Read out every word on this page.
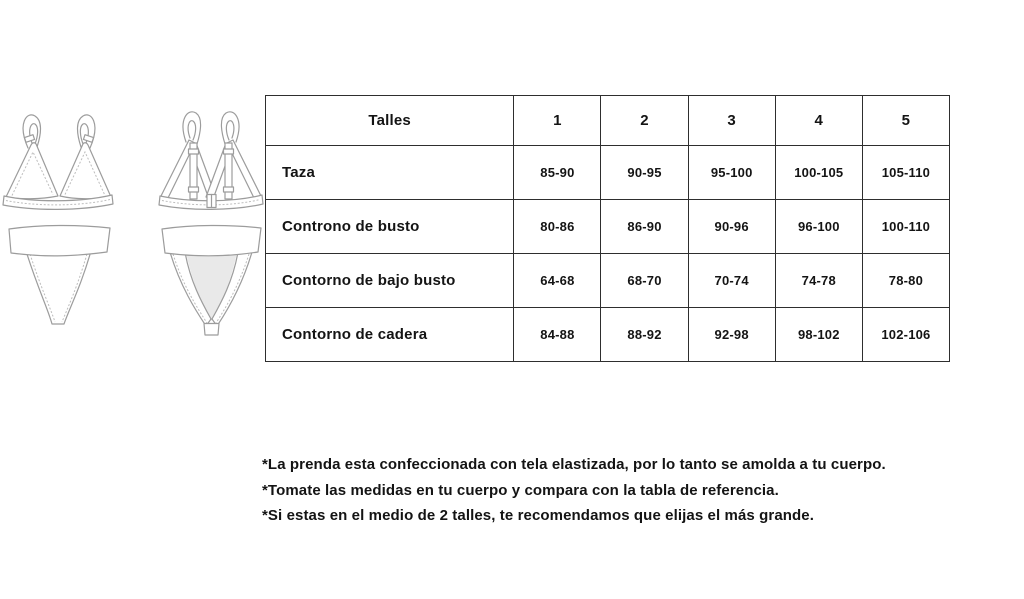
Talles	1	2	3	4	5
Taza	85-90	90-95	95-100	100-105	105-110
Controno de busto	80-86	86-90	90-96	96-100	100-110
Contorno de bajo busto	64-68	68-70	70-74	74-78	78-80
Contorno de cadera	84-88	88-92	92-98	98-102	102-106
*La prenda esta confeccionada con tela elastizada, por lo tanto se amolda a tu cuerpo.
*Tomate las medidas en tu cuerpo y compara con la tabla de referencia.
*Si estas en el medio de 2 talles, te recomendamos que elijas el más grande.
